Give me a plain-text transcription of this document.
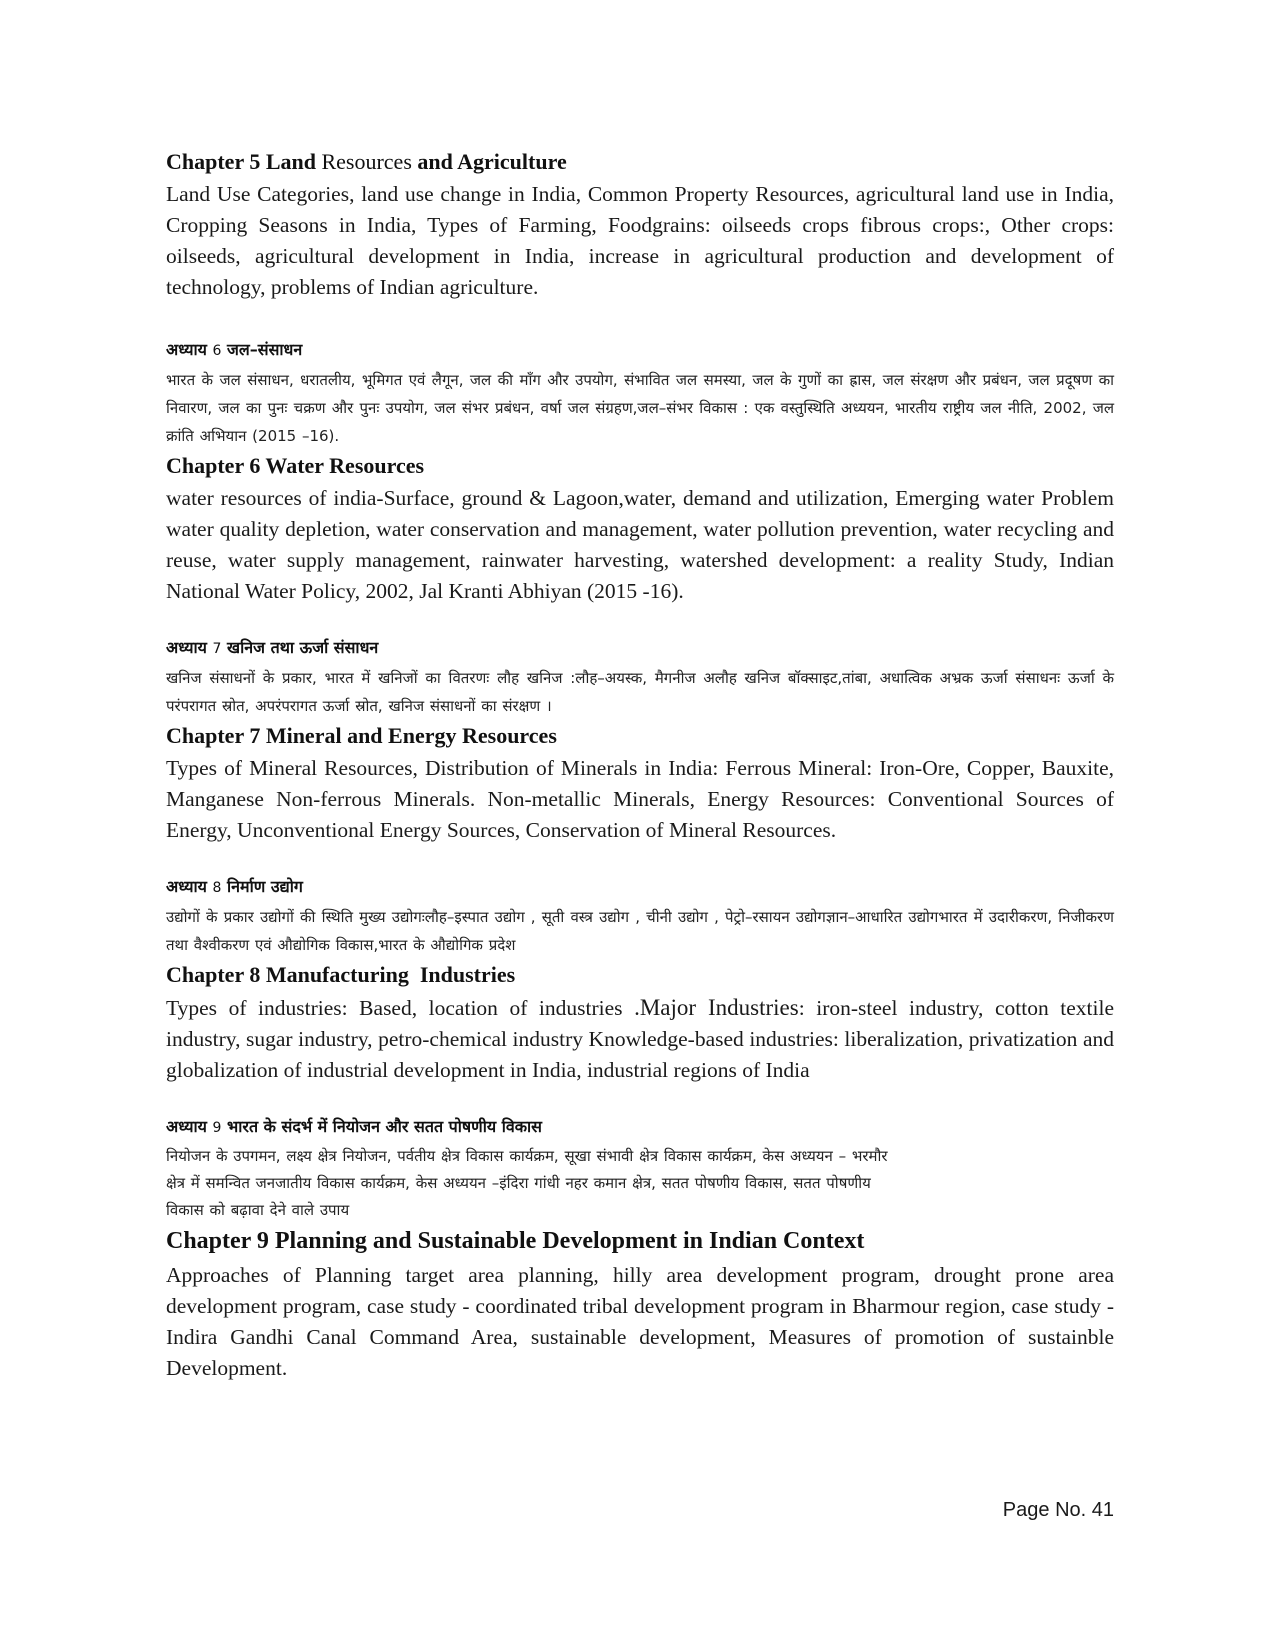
Chapter 5 Land Resources and Agriculture

Land Use Categories, land use change in India, Common Property Resources, agricultural land use in India, Cropping Seasons in India, Types of Farming, Foodgrains: oilseeds crops fibrous crops:, Other crops: oilseeds, agricultural development in India, increase in agricultural production and development of technology, problems of Indian agriculture.

अध्याय 6 जल–संसाधन

भारत के जल संसाधन, धरातलीय, भूमिगत एवं लैगून, जल की माँग और उपयोग, संभावित जल समस्या, जल के गुणों का ह्रास, जल संरक्षण और प्रबंधन, जल प्रदूषण का निवारण, जल का पुनः चक्रण और पुनः उपयोग, जल संभर प्रबंधन, वर्षा जल संग्रहण,जल–संभर विकास : एक वस्तुस्थिति अध्ययन, भारतीय राष्ट्रीय जल नीति, 2002, जल क्रांति अभियान (2015 –16).

Chapter 6 Water Resources

water resources of india-Surface, ground & Lagoon,water, demand and utilization, Emerging water Problem water quality depletion, water conservation and management, water pollution prevention, water recycling and reuse, water supply management, rainwater harvesting, watershed development: a reality Study, Indian National Water Policy, 2002, Jal Kranti Abhiyan (2015 -16).

अध्याय 7 खनिज तथा ऊर्जा संसाधन

खनिज संसाधनों के प्रकार, भारत में खनिजों का वितरणः लौह खनिज :लौह–अयस्क, मैगनीज अलौह खनिज बॉक्साइट,तांबा, अधात्विक अभ्रक ऊर्जा संसाधनः ऊर्जा के परंपरागत स्रोत, अपरंपरागत ऊर्जा स्रोत, खनिज संसाधनों का संरक्षण ।

Chapter 7 Mineral and Energy Resources

Types of Mineral Resources, Distribution of Minerals in India: Ferrous Mineral: Iron-Ore, Copper, Bauxite, Manganese Non-ferrous Minerals. Non-metallic Minerals, Energy Resources: Conventional Sources of Energy, Unconventional Energy Sources, Conservation of Mineral Resources.

अध्याय 8 निर्माण उद्योग

उद्योगों के प्रकार उद्योगों की स्थिति मुख्य उद्योगःलौह–इस्पात उद्योग , सूती वस्त्र उद्योग , चीनी उद्योग , पेट्रो–रसायन उद्योगज्ञान–आधारित उद्योगभारत में उदारीकरण, निजीकरण तथा वैश्वीकरण एवं औद्योगिक विकास,भारत के औद्योगिक प्रदेश

Chapter 8 Manufacturing  Industries

Types of industries: Based, location of industries .Major Industries: iron-steel industry, cotton textile industry, sugar industry, petro-chemical industry Knowledge-based industries: liberalization, privatization and globalization of industrial development in India, industrial regions of India

अध्याय 9 भारत के संदर्भ में नियोजन और सतत पोषणीय विकास

नियोजन के उपगमन, लक्ष्य क्षेत्र नियोजन, पर्वतीय क्षेत्र विकास कार्यक्रम, सूखा संभावी क्षेत्र विकास कार्यक्रम, केस अध्ययन – भरमौर
क्षेत्र में समन्वित जनजातीय विकास कार्यक्रम, केस अध्ययन –इंदिरा गांधी नहर कमान क्षेत्र, सतत पोषणीय विकास, सतत पोषणीय
विकास को बढ़ावा देने वाले उपाय

Chapter 9 Planning and Sustainable Development in Indian Context

Approaches of Planning target area planning, hilly area development program, drought prone area development program, case study - coordinated tribal development program in Bharmour region, case study - Indira Gandhi Canal Command Area, sustainable development, Measures of promotion of sustainble Development.

Page No. 41
